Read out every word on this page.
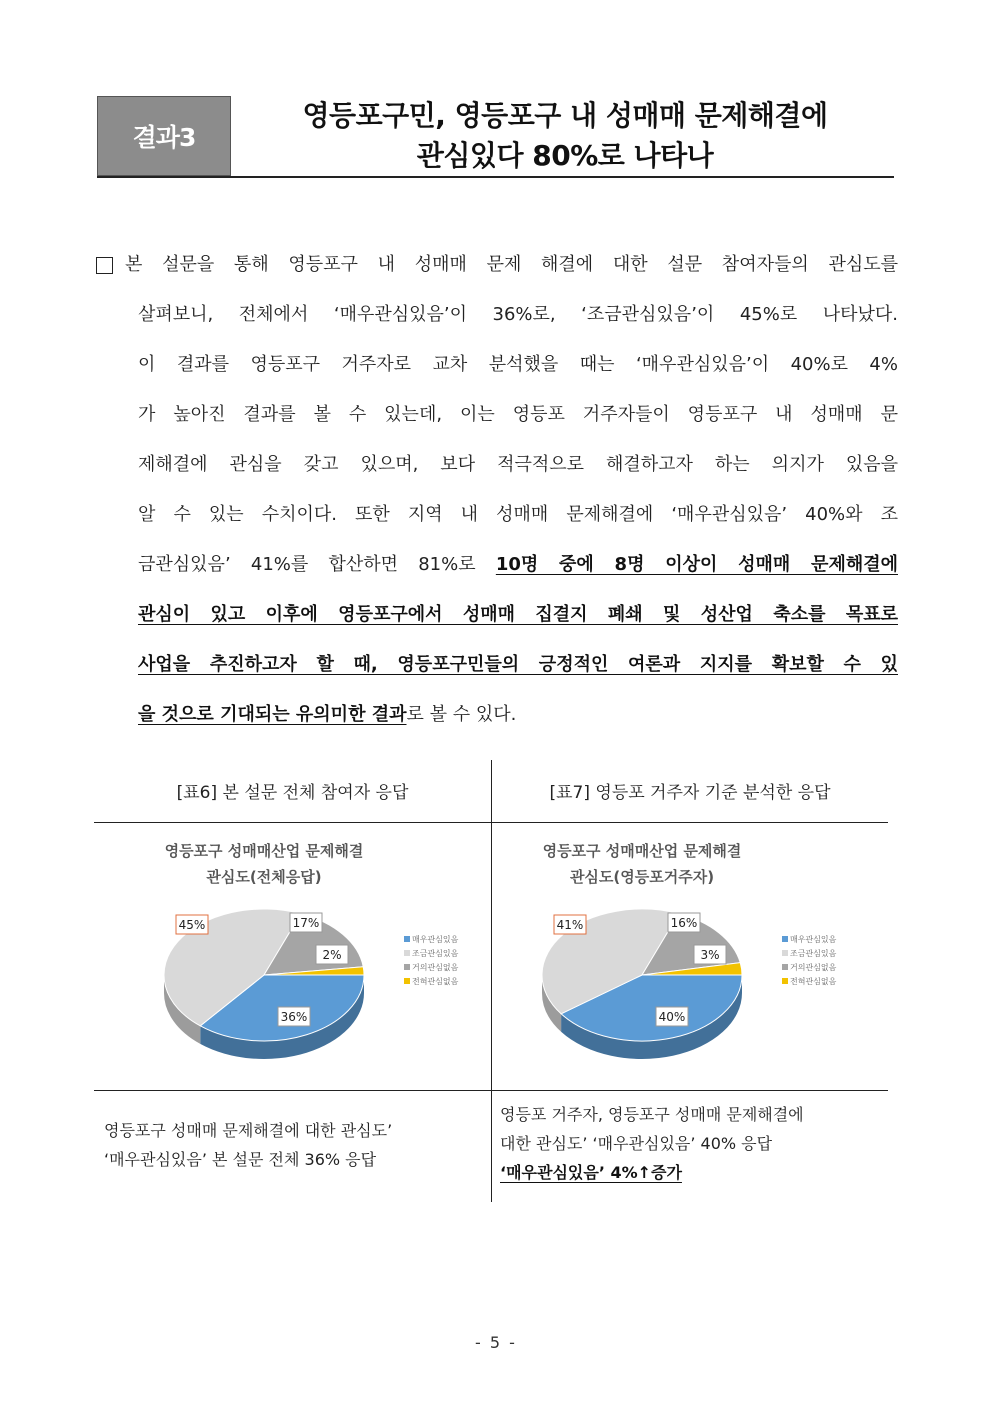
결과3
영등포구민, 영등포구 내 성매매 문제해결에
관심있다 80%로 나타나
본 설문을 통해 영등포구 내 성매매 문제 해결에 대한 설문 참여자들의 관심도를
살펴보니, 전체에서 ‘매우관심있음’이 36%로, ‘조금관심있음’이 45%로 나타났다.
이 결과를 영등포구 거주자로 교차 분석했을 때는 ‘매우관심있음’이 40%로 4%
가 높아진 결과를 볼 수 있는데, 이는 영등포 거주자들이 영등포구 내 성매매 문
제해결에 관심을 갖고 있으며, 보다 적극적으로 해결하고자 하는 의지가 있음을
알 수 있는 수치이다. 또한 지역 내 성매매 문제해결에 ‘매우관심있음’ 40%와 조
금관심있음’ 41%를 합산하면 81%로 10명 중에 8명 이상이 성매매 문제해결에
관심이 있고 이후에 영등포구에서 성매매 집결지 폐쇄 및 성산업 축소를 목표로
사업을 추진하고자 할 때, 영등포구민들의 긍정적인 여론과 지지를 확보할 수 있
을 것으로 기대되는 유의미한 결과로 볼 수 있다.
[표6] 본 설문 전체 참여자 응답	[표7] 영등포 거주자 기준 분석한 응답
영등포구 성매매산업 문제해결
관심도(전체응답)
36%
45%	17%
2%
매우관심있음
조금관심있음
거의관심없음
전혀관심없음
영등포구 성매매산업 문제해결
관심도(영등포거주자)
40%
41%	16%
3%
매우관심있음
조금관심있음
거의관심없음
전혀관심없음
영등포구 성매매 문제해결에 대한 관심도’
‘매우관심있음’ 본 설문 전체 36% 응답
영등포 거주자, 영등포구 성매매 문제해결에
대한 관심도’ ‘매우관심있음’ 40% 응답
‘매우관심있음’ 4%↑증가
- 5 -
